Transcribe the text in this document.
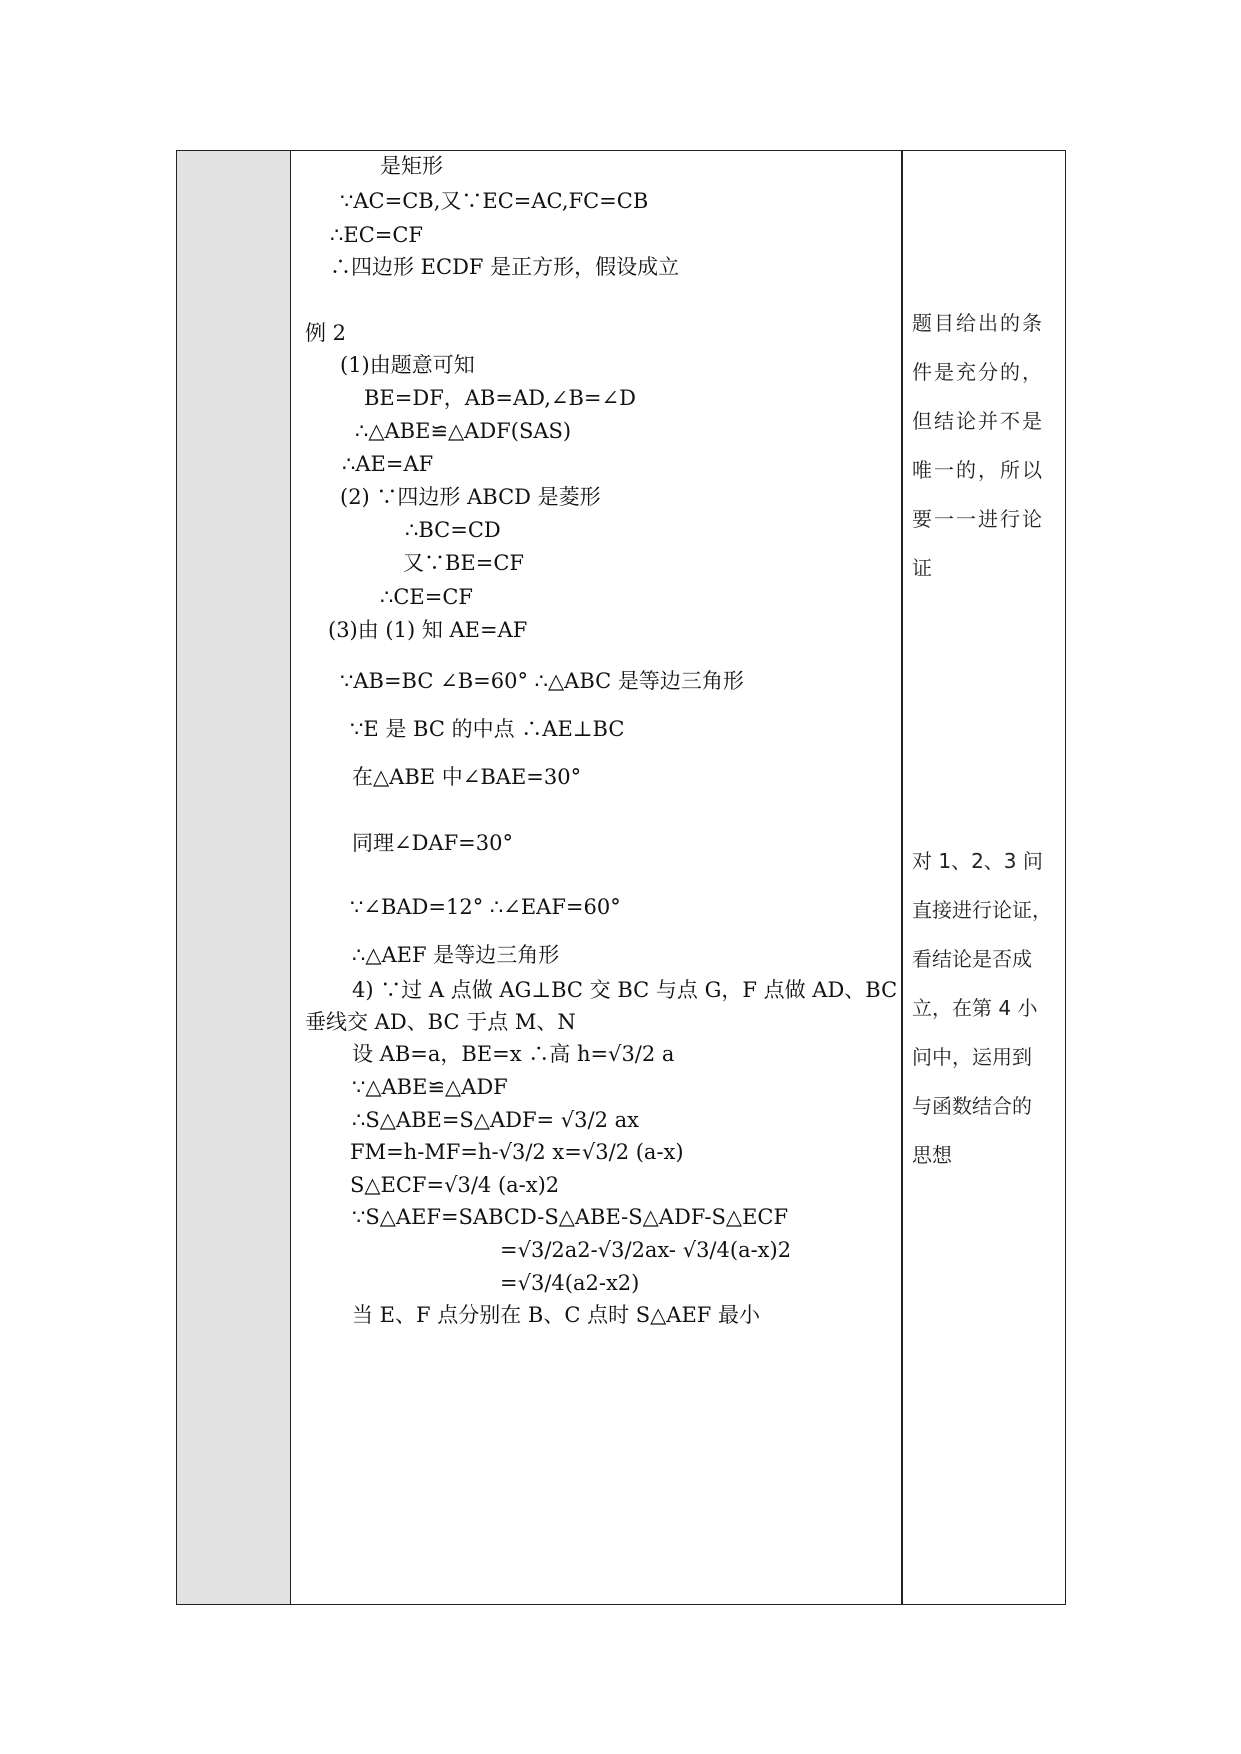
是矩形
∵AC=CB,又∵EC=AC,FC=CB
∴EC=CF
∴四边形 ECDF 是正方形，假设成立
例 2
(1)由题意可知
BE=DF，AB=AD,∠B=∠D
∴△ABE≌△ADF(SAS)
∴AE=AF
(2) ∵四边形 ABCD 是菱形
∴BC=CD
又∵BE=CF
∴CE=CF
(3)由 (1) 知 AE=AF
∵AB=BC ∠B=60° ∴△ABC 是等边三角形
∵E 是 BC 的中点 ∴AE⊥BC
在△ABE 中∠BAE=30°
同理∠DAF=30°
∵∠BAD=12° ∴∠EAF=60°
∴△AEF 是等边三角形
4) ∵过 A 点做 AG⊥BC 交 BC 与点 G，F 点做 AD、BC
垂线交 AD、BC 于点 M、N
设 AB=a，BE=x ∴高 h=√3/2 a
∵△ABE≌△ADF
∴S△ABE=S△ADF= √3/2 ax
FM=h-MF=h-√3/2 x=√3/2 (a-x)
S△ECF=√3/4 (a-x)2
∵S△AEF=SABCD-S△ABE-S△ADF-S△ECF
=√3/2a2-√3/2ax- √3/4(a-x)2
=√3/4(a2-x2)
当 E、F 点分别在 B、C 点时 S△AEF 最小
题目给出的条
件是充分的，
但结论并不是
唯一的，所以
要一一进行论
证
对 1、2、3 问
直接进行论证，
看结论是否成
立，在第 4 小
问中，运用到
与函数结合的
思想
